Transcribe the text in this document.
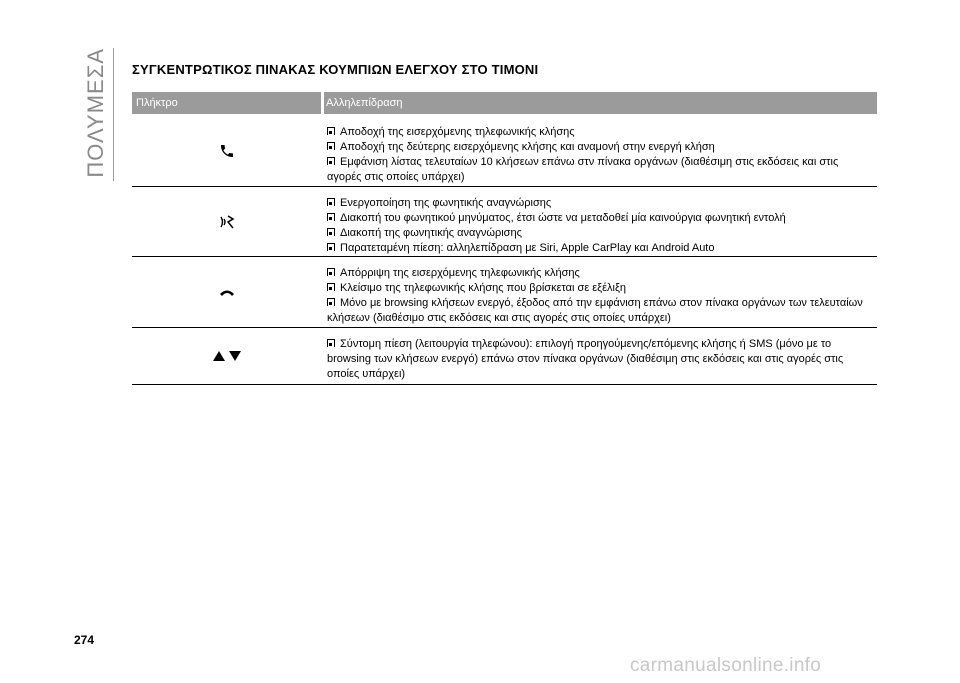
ΠΟΛΥΜΕΣΑ ΣΥΓΚΕΝΤΡΩΤΙΚΟΣ ΠΙΝΑΚΑΣ ΚΟΥΜΠΙΩΝ ΕΛΕΓΧΟΥ ΣΤΟ ΤΙΜΟΝΙ
Πλήκτρο	Αλληλεπίδραση
Αποδοχή της εισερχόμενης τηλεφωνικής κλήσης
Αποδοχή της δεύτερης εισερχόμενης κλήσης και αναμονή στην ενεργή κλήση
Εμφάνιση λίστας τελευταίων 10 κλήσεων επάνω στν πίνακα οργάνων (διαθέσιμη στις εκδόσεις και στις αγορές στις οποίες υπάρχει)
Ενεργοποίηση της φωνητικής αναγνώρισης
Διακοπή του φωνητικού μηνύματος, έτσι ώστε να μεταδοθεί μία καινούργια φωνητική εντολή
Διακοπή της φωνητικής αναγνώρισης
Παρατεταμένη πίεση: αλληλεπίδραση με Siri, Apple CarPlay και Android Auto
Απόρριψη της εισερχόμενης τηλεφωνικής κλήσης
Κλείσιμο της τηλεφωνικής κλήσης που βρίσκεται σε εξέλιξη
Μόνο με browsing κλήσεων ενεργό, έξοδος από την εμφάνιση επάνω στον πίνακα οργάνων των τελευταίων κλήσεων (διαθέσιμο στις εκδόσεις και στις αγορές στις οποίες υπάρχει)
Σύντομη πίεση (λειτουργία τηλεφώνου): επιλογή προηγούμενης/επόμενης κλήσης ή SMS (μόνο με το browsing των κλήσεων ενεργό) επάνω στον πίνακα οργάνων (διαθέσιμη στις εκδόσεις και στις αγορές στις οποίες υπάρχει)
274
carmanualsonline.info
